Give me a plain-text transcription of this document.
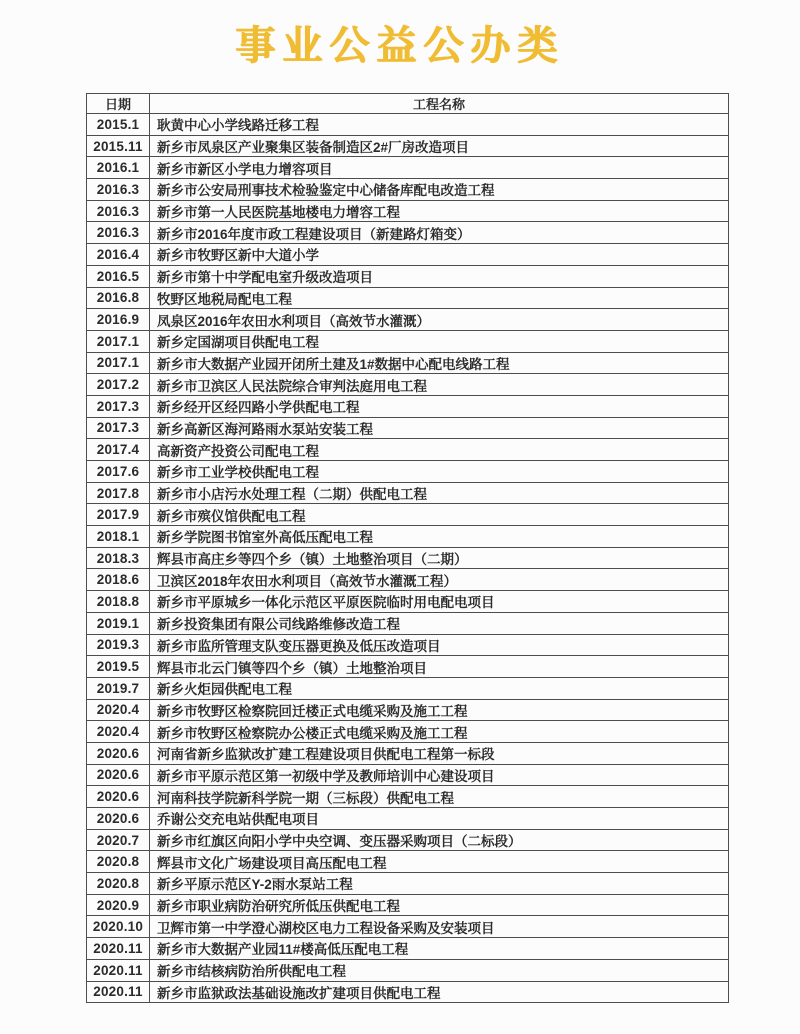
事业公益公办类
日期	工程名称
2015.1	耿黄中心小学线路迁移工程
2015.11	新乡市凤泉区产业聚集区装备制造区2#厂房改造项目
2016.1	新乡市新区小学电力增容项目
2016.3	新乡市公安局刑事技术检验鉴定中心储备库配电改造工程
2016.3	新乡市第一人民医院基地楼电力增容工程
2016.3	新乡市2016年度市政工程建设项目（新建路灯箱变）
2016.4	新乡市牧野区新中大道小学
2016.5	新乡市第十中学配电室升级改造项目
2016.8	牧野区地税局配电工程
2016.9	凤泉区2016年农田水利项目（高效节水灌溉）
2017.1	新乡定国湖项目供配电工程
2017.1	新乡市大数据产业园开闭所土建及1#数据中心配电线路工程
2017.2	新乡市卫滨区人民法院综合审判法庭用电工程
2017.3	新乡经开区经四路小学供配电工程
2017.3	新乡高新区海河路雨水泵站安装工程
2017.4	高新资产投资公司配电工程
2017.6	新乡市工业学校供配电工程
2017.8	新乡市小店污水处理工程（二期）供配电工程
2017.9	新乡市殡仪馆供配电工程
2018.1	新乡学院图书馆室外高低压配电工程
2018.3	辉县市高庄乡等四个乡（镇）土地整治项目（二期）
2018.6	卫滨区2018年农田水利项目（高效节水灌溉工程）
2018.8	新乡市平原城乡一体化示范区平原医院临时用电配电项目
2019.1	新乡投资集团有限公司线路维修改造工程
2019.3	新乡市监所管理支队变压器更换及低压改造项目
2019.5	辉县市北云门镇等四个乡（镇）土地整治项目
2019.7	新乡火炬园供配电工程
2020.4	新乡市牧野区检察院回迁楼正式电缆采购及施工工程
2020.4	新乡市牧野区检察院办公楼正式电缆采购及施工工程
2020.6	河南省新乡监狱改扩建工程建设项目供配电工程第一标段
2020.6	新乡市平原示范区第一初级中学及教师培训中心建设项目
2020.6	河南科技学院新科学院一期（三标段）供配电工程
2020.6	乔谢公交充电站供配电项目
2020.7	新乡市红旗区向阳小学中央空调、变压器采购项目（二标段）
2020.8	辉县市文化广场建设项目高压配电工程
2020.8	新乡平原示范区Y-2雨水泵站工程
2020.9	新乡市职业病防治研究所低压供配电工程
2020.10	卫辉市第一中学澄心湖校区电力工程设备采购及安装项目
2020.11	新乡市大数据产业园11#楼高低压配电工程
2020.11	新乡市结核病防治所供配电工程
2020.11	新乡市监狱政法基础设施改扩建项目供配电工程
